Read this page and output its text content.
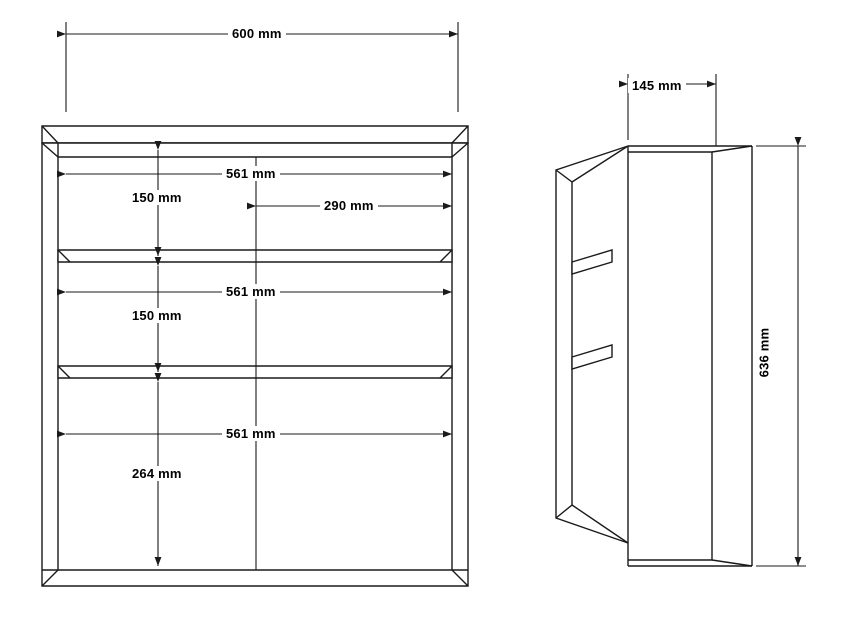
600 mm
145 mm
636 mm
561 mm
290 mm
150 mm
561 mm
150 mm
561 mm
264 mm
